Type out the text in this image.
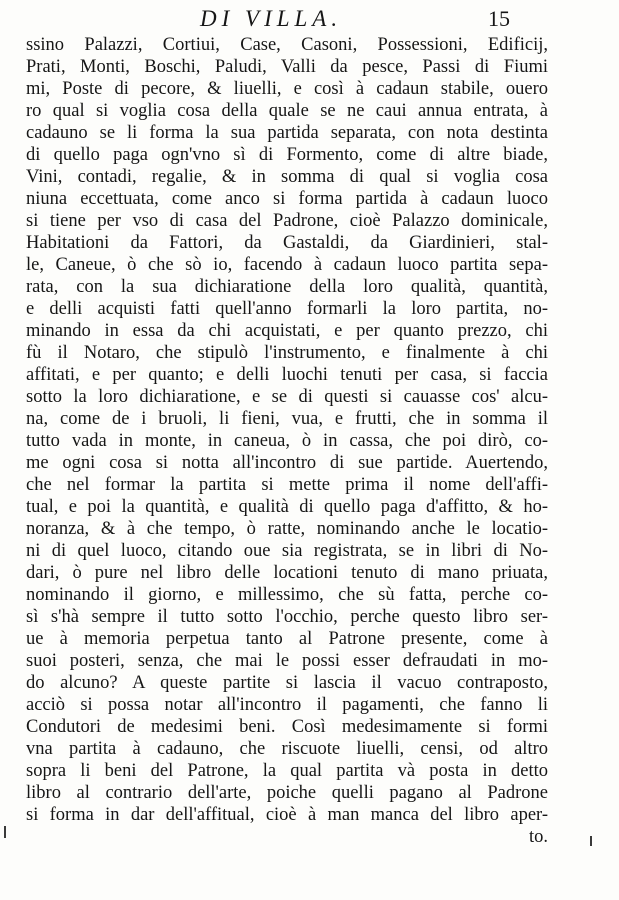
DI VILLA.	15
ssino Palazzi, Cortiui, Case, Casoni, Possessioni, Edificij,
Prati, Monti, Boschi, Paludi, Valli da pesce, Passi di Fiumi
mi, Poste di pecore, & liuelli, e così à cadaun stabile, ouero
ro qual si voglia cosa della quale se ne caui annua entrata, à
cadauno se li forma la sua partida separata, con nota destinta
di quello paga ogn'vno sì di Formento, come di altre biade,
Vini, contadi, regalie, & in somma di qual si voglia cosa
niuna eccettuata, come anco si forma partida à cadaun luoco
si tiene per vso di casa del Padrone, cioè Palazzo dominicale,
Habitationi da Fattori, da Gastaldi, da Giardinieri, stal-
le, Caneue, ò che sò io, facendo à cadaun luoco partita sepa-
rata, con la sua dichiaratione della loro qualità, quantità,
e delli acquisti fatti quell'anno formarli la loro partita, no-
minando in essa da chi acquistati, e per quanto prezzo, chi
fù il Notaro, che stipulò l'instrumento, e finalmente à chi
affitati, e per quanto; e delli luochi tenuti per casa, si faccia
sotto la loro dichiaratione, e se di questi si cauasse cos' alcu-
na, come de i bruoli, li fieni, vua, e frutti, che in somma il
tutto vada in monte, in caneua, ò in cassa, che poi dirò, co-
me ogni cosa si notta all'incontro di sue partide. Auertendo,
che nel formar la partita si mette prima il nome dell'affi-
tual, e poi la quantità, e qualità di quello paga d'affitto, & ho-
noranza, & à che tempo, ò ratte, nominando anche le locatio-
ni di quel luoco, citando oue sia registrata, se in libri di No-
dari, ò pure nel libro delle locationi tenuto di mano priuata,
nominando il giorno, e millessimo, che sù fatta, perche co-
sì s'hà sempre il tutto sotto l'occhio, perche questo libro ser-
ue à memoria perpetua tanto al Patrone presente, come à
suoi posteri, senza, che mai le possi esser defraudati in mo-
do alcuno? A queste partite si lascia il vacuo contraposto,
acciò si possa notar all'incontro il pagamenti, che fanno li
Condutori de medesimi beni. Così medesimamente si formi
vna partita à cadauno, che riscuote liuelli, censi, od altro
sopra li beni del Patrone, la qual partita và posta in detto
libro al contrario dell'arte, poiche quelli pagano al Padrone
si forma in dar dell'affitual, cioè à man manca del libro aper-
to.
